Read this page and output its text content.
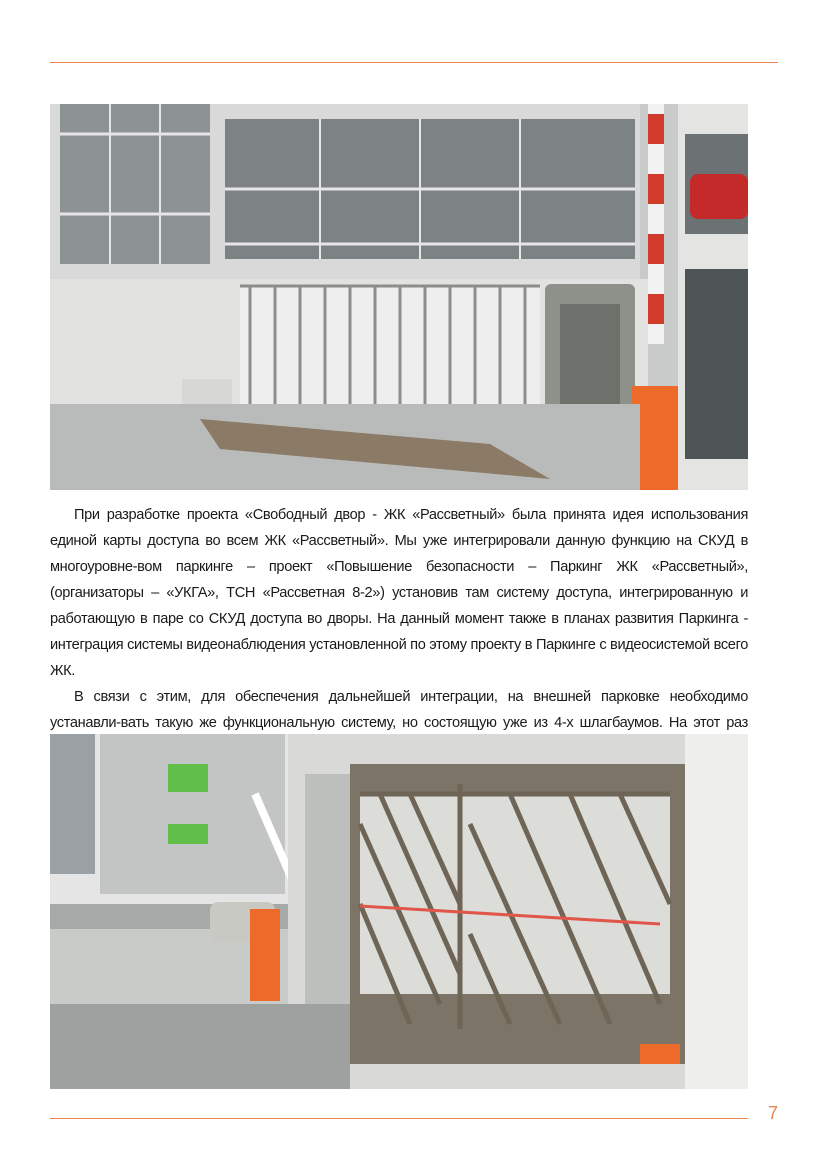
При разработке проекта «Свободный двор - ЖК «Рассветный» была принята идея использования единой карты доступа во всем ЖК «Рассветный». Мы уже интегрировали данную функцию на СКУД в многоуровне-вом паркинге – проект «Повышение безопасности – Паркинг ЖК «Рассветный», (организаторы – «УКГА», ТСН «Рассветная 8-2») установив там систему доступа, интегрированную и работающую в паре со СКУД доступа во дворы. На данный момент также в планах развития Паркинга - интеграция системы видеонаблюдения установленной по этому проекту в Паркинге с видеосистемой всего ЖК.

В связи с этим, для обеспечения дальнейшей интеграции, на внешней парковке необходимо устанавли-вать такую же функциональную систему, но состоящую уже из 4-х шлагбаумов. На этот раз

7
